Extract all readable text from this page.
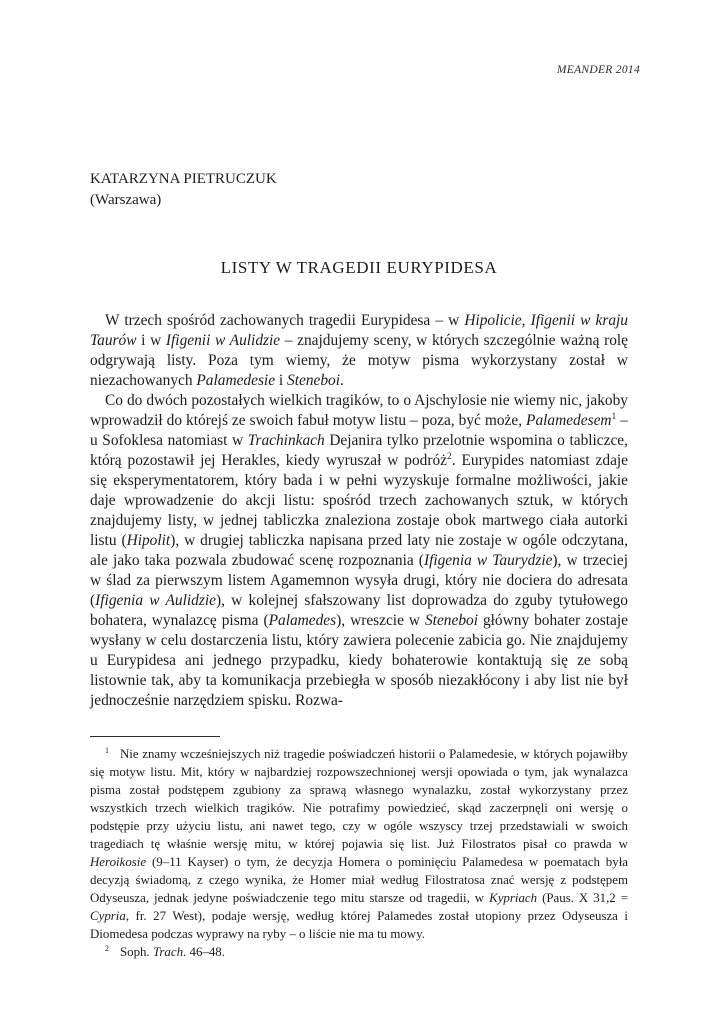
MEANDER 2014
KATARZYNA PIETRUCZUK
(Warszawa)
LISTY W TRAGEDII EURYPIDESA

W trzech spośród zachowanych tragedii Eurypidesa – w Hipolicie, Ifigenii w kraju Taurów i w Ifigenii w Aulidzie – znajdujemy sceny, w których szczególnie ważną rolę odgrywają listy. Poza tym wiemy, że motyw pisma wykorzystany został w niezachowanych Palamedesie i Steneboi.

Co do dwóch pozostałych wielkich tragików, to o Ajschylosie nie wiemy nic, jakoby wprowadził do którejś ze swoich fabuł motyw listu – poza, być może, Palamedesem$^1$ – u Sofoklesa natomiast w Trachinkach Dejanira tylko przelotnie wspomina o tabliczce, którą pozostawił jej Herakles, kiedy wyruszał w podróż$^2$. Eurypides natomiast zdaje się eksperymentatorem, który bada i w pełni wyzyskuje formalne możliwości, jakie daje wprowadzenie do akcji listu: spośród trzech zachowanych sztuk, w których znajdujemy listy, w jednej tabliczka znaleziona zostaje obok martwego ciała autorki listu (Hipolit), w drugiej tabliczka napisana przed laty nie zostaje w ogóle odczytana, ale jako taka pozwala zbudować scenę rozpoznania (Ifigenia w Taurydzie), w trzeciej w ślad za pierwszym listem Agamemnon wysyła drugi, który nie dociera do adresata (Ifigenia w Aulidzie), w kolejnej sfałszowany list doprowadza do zguby tytułowego bohatera, wynalazcę pisma (Palamedes), wreszcie w Steneboi główny bohater zostaje wysłany w celu dostarczenia listu, który zawiera polecenie zabicia go. Nie znajdujemy u Eurypidesa ani jednego przypadku, kiedy bohaterowie kontaktują się ze sobą listownie tak, aby ta komunikacja przebiegła w sposób niezakłócony i aby list nie był jednocześnie narzędziem spisku. Rozwa-

$^1$ Nie znamy wcześniejszych niż tragedie poświadczeń historii o Palamedesie, w których pojawiłby się motyw listu. Mit, który w najbardziej rozpowszechnionej wersji opowiada o tym, jak wynalazca pisma został podstępem zgubiony za sprawą własnego wynalazku, został wykorzystany przez wszystkich trzech wielkich tragików. Nie potrafimy powiedzieć, skąd zaczerpnęli oni wersję o podstępie przy użyciu listu, ani nawet tego, czy w ogóle wszyscy trzej przedstawiali w swoich tragediach tę właśnie wersję mitu, w której pojawia się list. Już Filostratos pisał co prawda w Heroikosie (9–11 Kayser) o tym, że decyzja Homera o pominięciu Palamedesa w poematach była decyzją świadomą, z czego wynika, że Homer miał według Filostratosa znać wersję z podstępem Odyseusza, jednak jedyne poświadczenie tego mitu starsze od tragedii, w Kypriach (Paus. X 31,2 = Cypria, fr. 27 West), podaje wersję, według której Palamedes został utopiony przez Odyseusza i Diomedesa podczas wyprawy na ryby – o liście nie ma tu mowy.

$^2$ Soph. Trach. 46–48.
